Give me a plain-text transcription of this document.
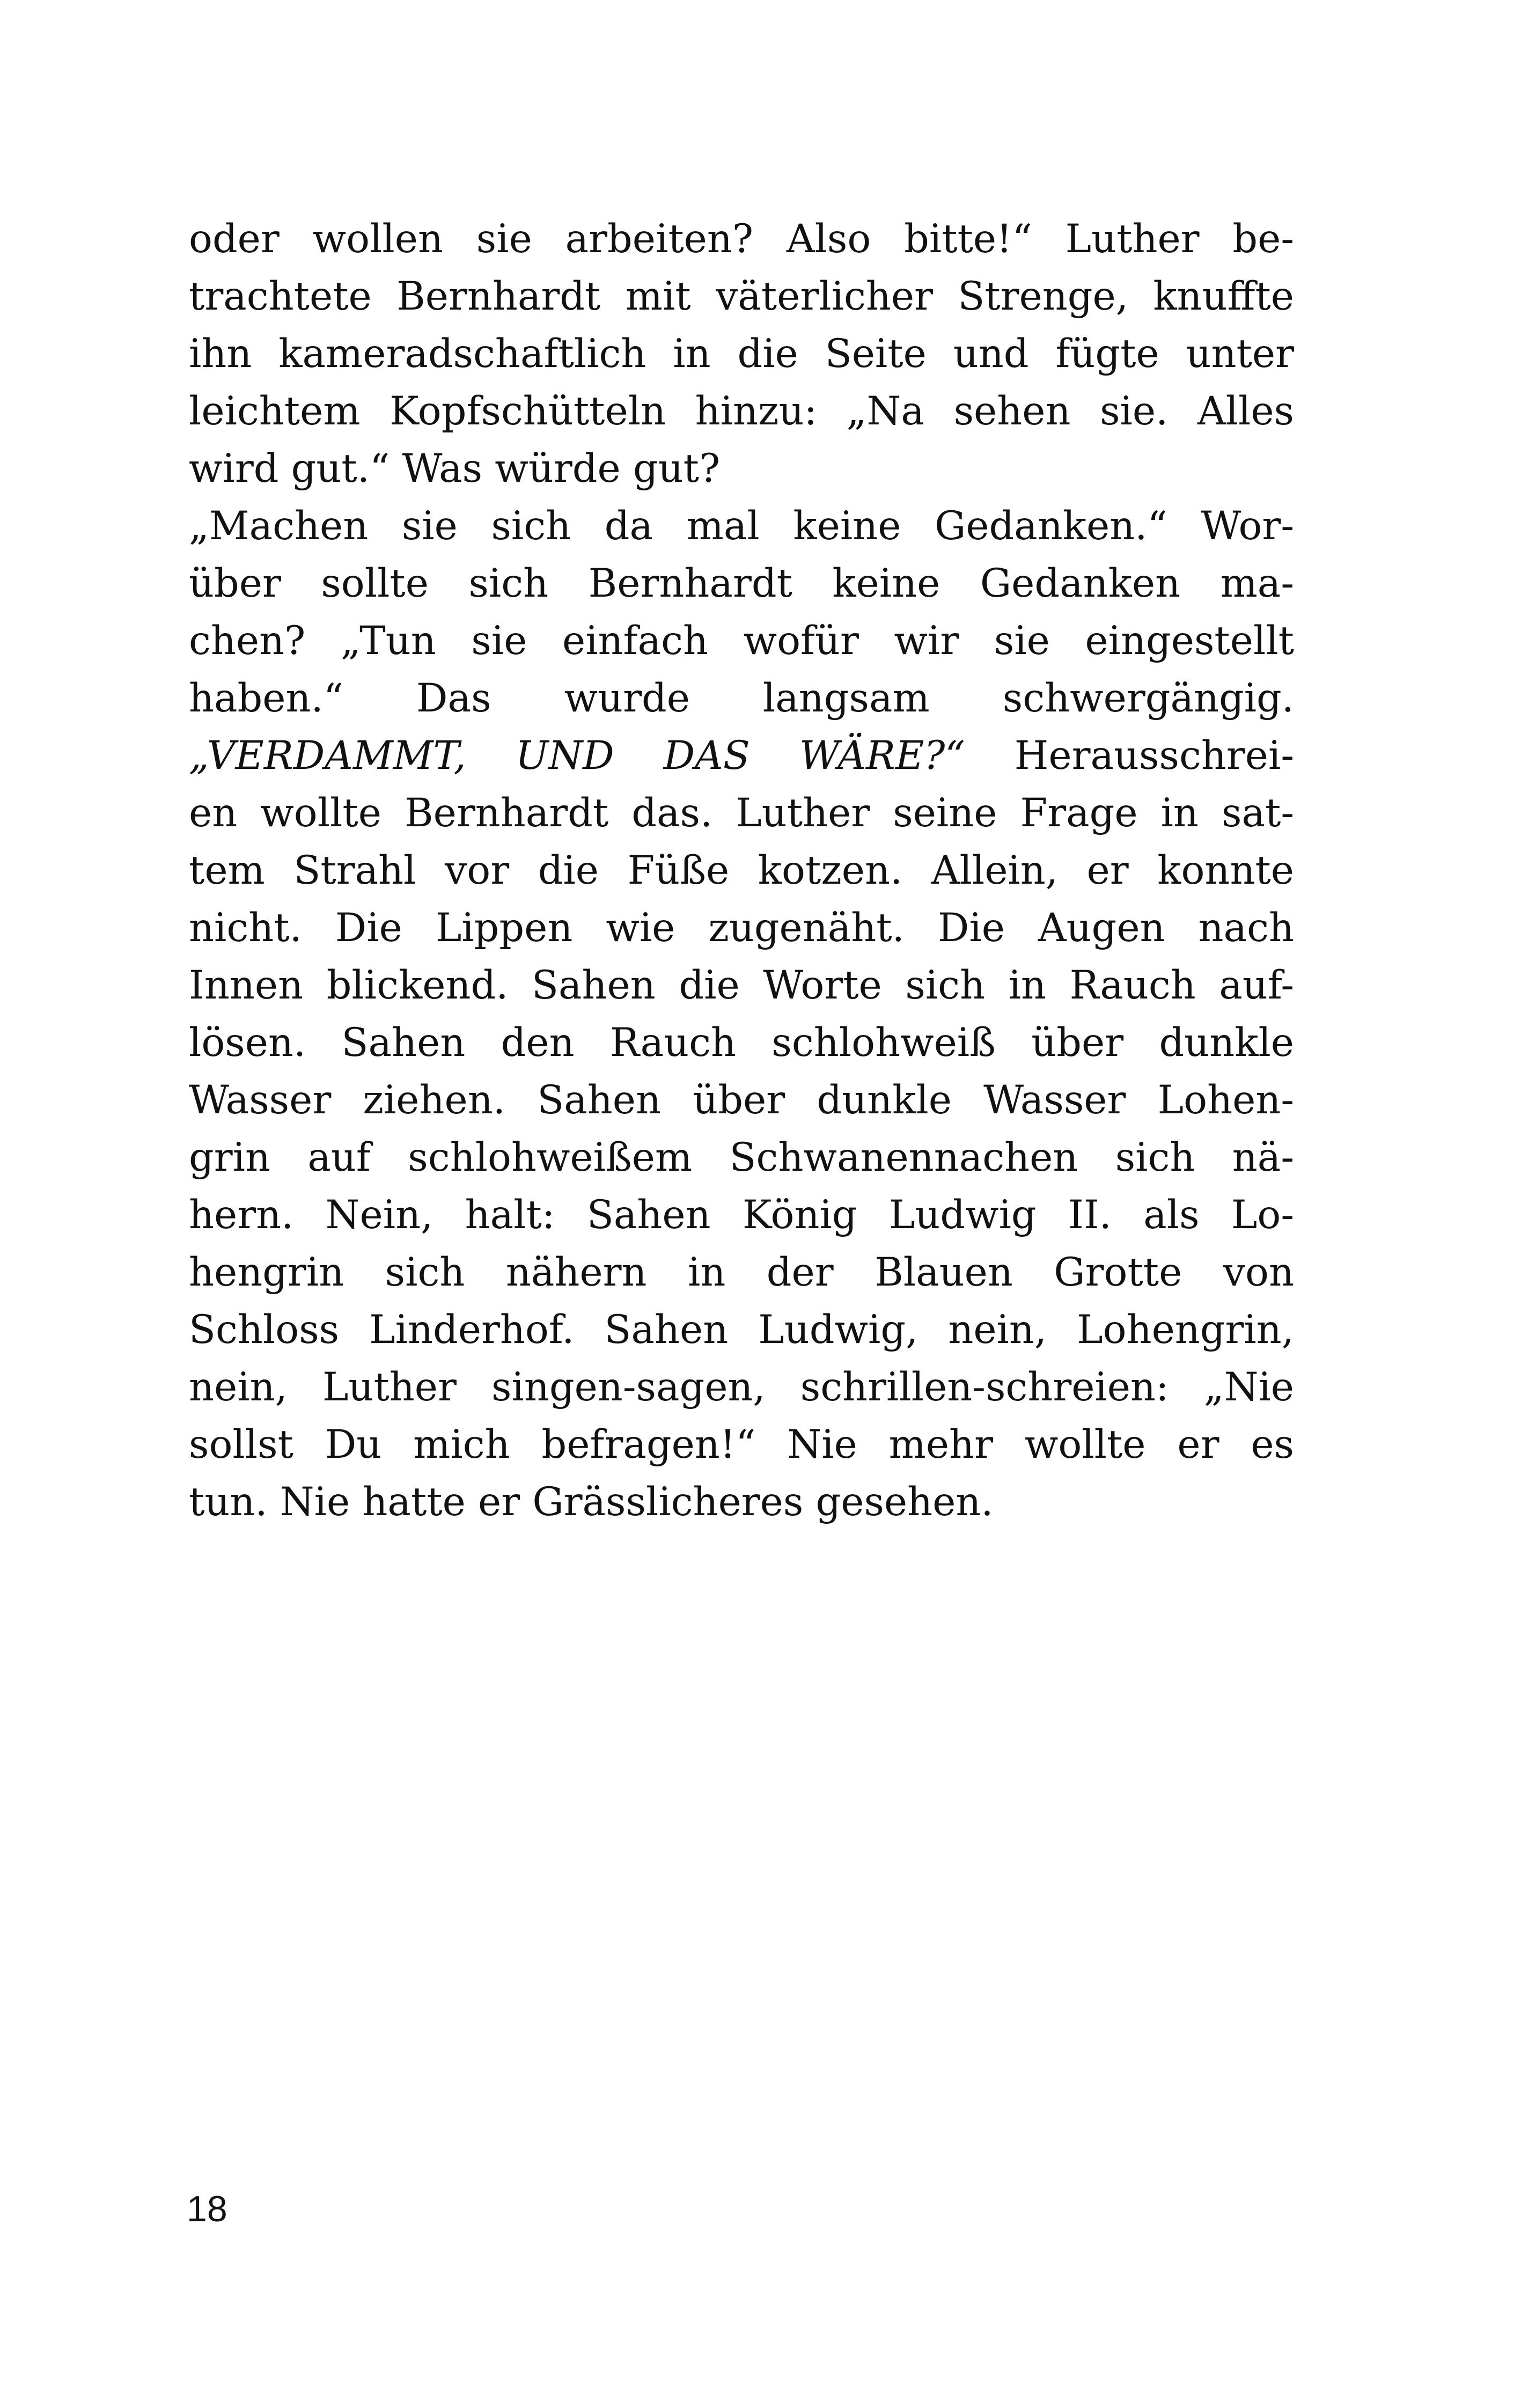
oder wollen sie arbeiten? Also bitte!“ Luther be-
trachtete Bernhardt mit väterlicher Strenge, knuffte
ihn kameradschaftlich in die Seite und fügte unter
leichtem Kopfschütteln hinzu: „Na sehen sie. Alles
wird gut.“ Was würde gut?
„Machen sie sich da mal keine Gedanken.“ Wor-
über sollte sich Bernhardt keine Gedanken ma-
chen? „Tun sie einfach wofür wir sie eingestellt
haben.“ Das wurde langsam schwergängig.
„VERDAMMT, UND DAS WÄRE?“ Herausschrei-
en wollte Bernhardt das. Luther seine Frage in sat-
tem Strahl vor die Füße kotzen. Allein, er konnte
nicht. Die Lippen wie zugenäht. Die Augen nach
Innen blickend. Sahen die Worte sich in Rauch auf-
lösen. Sahen den Rauch schlohweiß über dunkle
Wasser ziehen. Sahen über dunkle Wasser Lohen-
grin auf schlohweißem Schwanennachen sich nä-
hern. Nein, halt: Sahen König Ludwig II. als Lo-
hengrin sich nähern in der Blauen Grotte von
Schloss Linderhof. Sahen Ludwig, nein, Lohengrin,
nein, Luther singen-sagen, schrillen-schreien: „Nie
sollst Du mich befragen!“ Nie mehr wollte er es
tun. Nie hatte er Grässlicheres gesehen.
18
